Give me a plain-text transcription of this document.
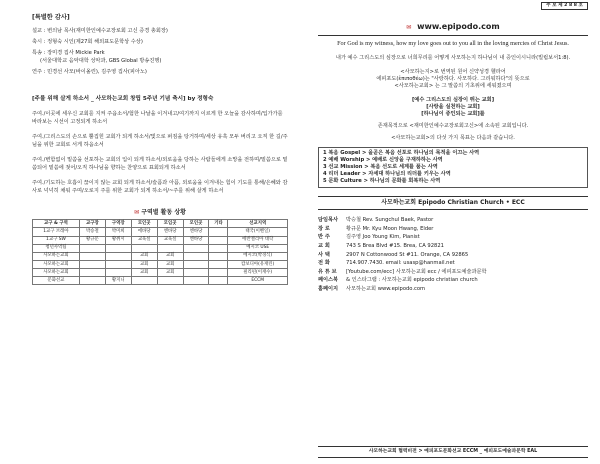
[특별한 감사]

설교 : 변의남 목사(재미한인예수교장로회 고신 증경 총회장)

축시 : 정형숙 시인(제27회 해외표도문학상 수상)

특송 : 장미경 집사 Mickie Park

(서울대학교 음악대학 성악과, GBS Global 방송진행)

연주 : 민경선 사모(바이올린), 김주영 집사(피아노)

[주를 위해 살게 하소서 _ 사모하는교회 창립 5주년 기념 축시] by 정형숙

주여./이곳에 세우신 교회를 지켜 주옵소서/험한 나날을 이겨내고/여기까지 이르게 한 오늘을 감사하며/입가가를 바라보는 시선이 고정되게 하소서

주여./그리스도의 손으로 뿔집힌 교회가 되게 하소서/빛으로 퍼짐을 탕거하며/세상 유혹 모두 버리고 오직 한 길/주님을 위한 교회로 서게 하옵소서

주여./변함없이 밑씀을 선포하는 교회의 입이 되게 하소서/외로움을 당하는 사람들에게 소망을 전하며/밑씀으로 밑씀되어 밑씀에 젖어/오직 하나님을 향하는 찬양으로 표회되게 하소서

주여./기도하는 호흡이 끊이지 않는 교회 되게 하소서/슬픔과 아픔, 외로움을 이겨내는 힘이 기도를 통해/은혜와 감사로 넉넉히 채워 주며/오로지 주를 위한 교회가 되게 하소서/~주를 위해 살게 하소서

✉ 구역별 활동 상황
교구 & 구역	교구장	구역장	모인곳	모임곳	모인곳	기타	선교지역
1교구 브레아	박승철	박미희	에바당	엔바당	엔바당		태국(이벤일)
1교구 SW	황규문	황쥐시	교육실	교육실	엔바당		에반젤리아 대학
청년사역팀							예시코 USE
사모하는교회			교회	교회			에시코(박경식)
사모하는교회			교회	교회			캄보디아(유재린)
사모하는교회			교회	교회			필리핀(이재수)
문화선교		황지니					ECCM
주 보 제 2 8 8 호
✉ www.epipodo.com
For God is my witness, how my love goes out to you all in the loving mercies of Christ Jesus.
내가 예수 그리스도의 심장으로 너희무리를 어떻게 사모하는지 하나님이 내 증인이시니라(빌립보서1:8).
<사모하는지>로 번역된 원어 신약성경 헬라어
에피포도(ἐπιποθέω)는 "사랑하다. 사모하다. 그리워하다"의 뜻으로
<사모하는교회> 는 그 말씀의 기초위에 세워졌으며
[예수 그리스도의 심장이 뛰는 교회]
[사랑을 실천하는 교회]
[하나님이 증인되는 교회]를
존재목적으로 <재미한인예수교장로회고신>에 소속된 교회입니다.
<사모하는교회>의 다섯 가지 목표는 다음과 같습니다.
1 복음 Gospel > 을곧은 복음 선포로 하나님의 목적을 이끄는 사역
2 예배 Worship > 예배로 신앙을 구재하하는 사역
3 선교 Mission > 복음 선도로 세계를 품는 사역
4 리더 Leader > 자세대 하나님의 리더를 키우는 사역
5 문화 Culture > 하나님의 문화를 회복하는 사역
사모하는교회 Epipodo Christian Church • ECC
담임목사	박승철 Rev. Sungchul Baek, Pastor
장 로	황규문 Mr. Kyu Moon Hwang, Elder
반 주	김주영 Joo Young Kim, Pianist
교 회	743 S Brea Blvd #15. Brea, CA 92821
사 택	2907 N Cottonwood St #11. Orange, CA 92865
전 화	714.907.7430. email: usasp@hanmail.net
유 튜 브	[Youtube.com/ecc] 사모하는교회 ecc / 에피포도예술과문학
페이스북	& 인스타그램 : 사모하는교회 epipodo christian church
홈페이지	사모하는교회 www.epipodo.com
사모하는교회 협력비전 > 예피포도문화선교 ECCM _ 예피포도예술과문학 EAL
